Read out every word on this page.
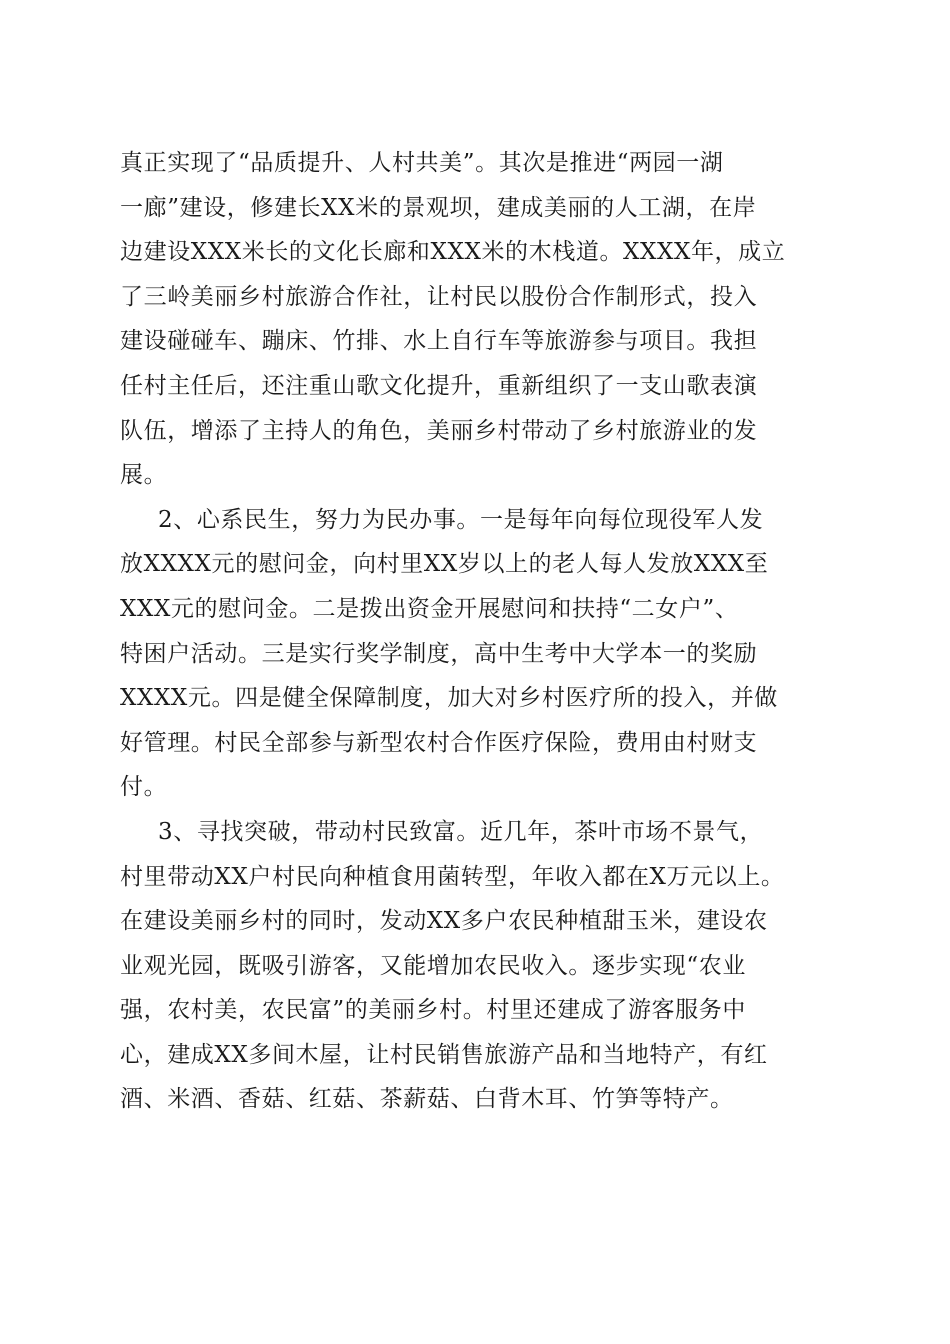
真正实现了“品质提升、人村共美”。其次是推进“两园一湖
一廊”建设，修建长XX米的景观坝，建成美丽的人工湖，在岸
边建设XXX米长的文化长廊和XXX米的木栈道。XXXX年，成立
了三岭美丽乡村旅游合作社，让村民以股份合作制形式，投入
建设碰碰车、蹦床、竹排、水上自行车等旅游参与项目。我担
任村主任后，还注重山歌文化提升，重新组织了一支山歌表演
队伍，增添了主持人的角色，美丽乡村带动了乡村旅游业的发
展。

2、心系民生，努力为民办事。一是每年向每位现役军人发
放XXXX元的慰问金，向村里XX岁以上的老人每人发放XXX至
XXX元的慰问金。二是拨出资金开展慰问和扶持“二女户”、
特困户活动。三是实行奖学制度，高中生考中大学本一的奖励
XXXX元。四是健全保障制度，加大对乡村医疗所的投入，并做
好管理。村民全部参与新型农村合作医疗保险，费用由村财支
付。

3、寻找突破，带动村民致富。近几年，茶叶市场不景气，
村里带动XX户村民向种植食用菌转型，年收入都在X万元以上。
在建设美丽乡村的同时，发动XX多户农民种植甜玉米，建设农
业观光园，既吸引游客，又能增加农民收入。逐步实现“农业
强，农村美，农民富”的美丽乡村。村里还建成了游客服务中
心，建成XX多间木屋，让村民销售旅游产品和当地特产，有红
酒、米酒、香菇、红菇、茶薪菇、白背木耳、竹笋等特产。
